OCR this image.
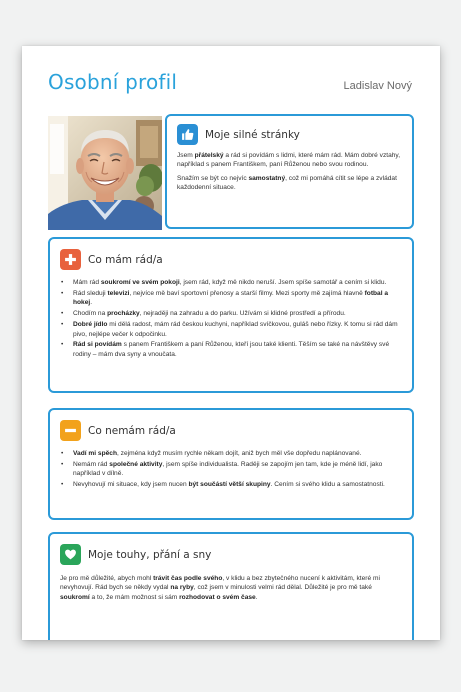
Osobní profil	Ladislav Nový
Moje silné stránky

Jsem přátelský a rád si povídám s lidmi, které mám rád. Mám dobré vztahy, například s panem Františkem, paní Růženou nebo svou rodinou.

Snažím se být co nejvíc samostatný, což mi pomáhá cítit se lépe a zvládat každodenní situace.

Co mám rád/a
• Mám rád soukromí ve svém pokoji, jsem rád, když mě nikdo neruší. Jsem spíše samotář a cením si klidu.
• Rád sleduji televizi, nejvíce mě baví sportovní přenosy a starší filmy. Mezi sporty mě zajímá hlavně fotbal a hokej.
• Chodím na procházky, nejraději na zahradu a do parku. Užívám si klidné prostředí a přírodu.
• Dobré jídlo mi dělá radost, mám rád českou kuchyni, například svíčkovou, guláš nebo řízky. K tomu si rád dám pivo, nejlépe večer k odpočinku.
• Rád si povídám s panem Františkem a paní Růženou, kteří jsou také klienti. Těším se také na návštěvy své rodiny – mám dva syny a vnoučata.
Co nemám rád/a
• Vadí mi spěch, zejména když musím rychle někam dojít, aniž bych měl vše dopředu naplánované.
• Nemám rád společné aktivity, jsem spíše individualista. Raději se zapojím jen tam, kde je méně lidí, jako například v dílně.
• Nevyhovují mi situace, kdy jsem nucen být součástí větší skupiny. Cením si svého klidu a samostatnosti.
Moje touhy, přání a sny

Je pro mě důležité, abych mohl trávit čas podle svého, v klidu a bez zbytečného nucení k aktivitám, které mi nevyhovují. Rád bych se někdy vydal na ryby, což jsem v minulosti velmi rád dělal. Důležité je pro mě také soukromí a to, že mám možnost si sám rozhodovat o svém čase.
